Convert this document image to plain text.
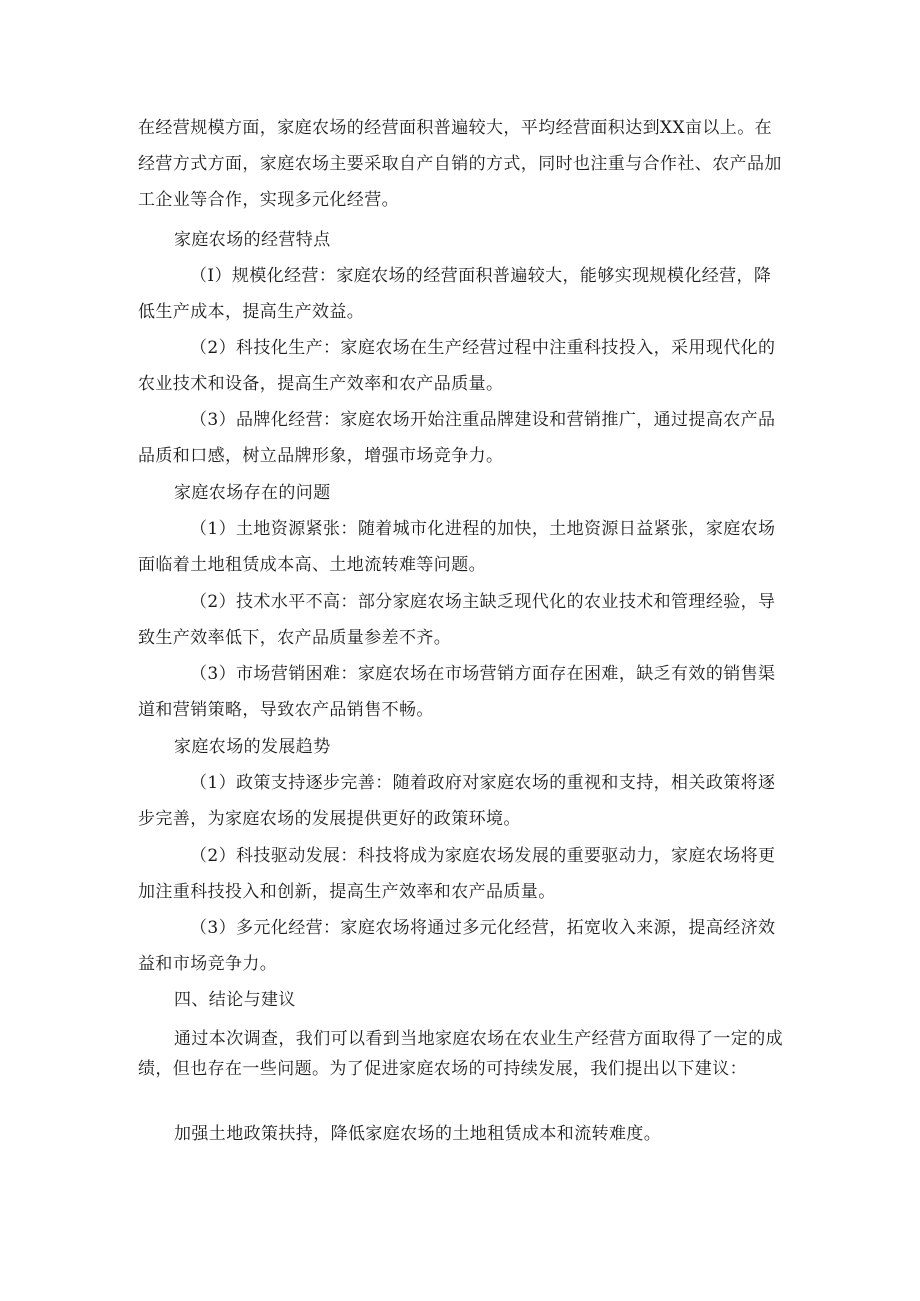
在经营规模方面，家庭农场的经营面积普遍较大，平均经营面积达到XX亩以上。在经营方式方面，家庭农场主要采取自产自销的方式，同时也注重与合作社、农产品加工企业等合作，实现多元化经营。

家庭农场的经营特点

（I）规模化经营：家庭农场的经营面积普遍较大，能够实现规模化经营，降低生产成本，提高生产效益。

（2）科技化生产：家庭农场在生产经营过程中注重科技投入，采用现代化的农业技术和设备，提高生产效率和农产品质量。

（3）品牌化经营：家庭农场开始注重品牌建设和营销推广，通过提高农产品品质和口感，树立品牌形象，增强市场竞争力。

家庭农场存在的问题

（1）土地资源紧张：随着城市化进程的加快，土地资源日益紧张，家庭农场面临着土地租赁成本高、土地流转难等问题。

（2）技术水平不高：部分家庭农场主缺乏现代化的农业技术和管理经验，导致生产效率低下，农产品质量参差不齐。

（3）市场营销困难：家庭农场在市场营销方面存在困难，缺乏有效的销售渠道和营销策略，导致农产品销售不畅。

家庭农场的发展趋势

（1）政策支持逐步完善：随着政府对家庭农场的重视和支持，相关政策将逐步完善，为家庭农场的发展提供更好的政策环境。

（2）科技驱动发展：科技将成为家庭农场发展的重要驱动力，家庭农场将更加注重科技投入和创新，提高生产效率和农产品质量。

（3）多元化经营：家庭农场将通过多元化经营，拓宽收入来源，提高经济效益和市场竞争力。

四、结论与建议

通过本次调查，我们可以看到当地家庭农场在农业生产经营方面取得了一定的成绩，但也存在一些问题。为了促进家庭农场的可持续发展，我们提出以下建议：

加强土地政策扶持，降低家庭农场的土地租赁成本和流转难度。
